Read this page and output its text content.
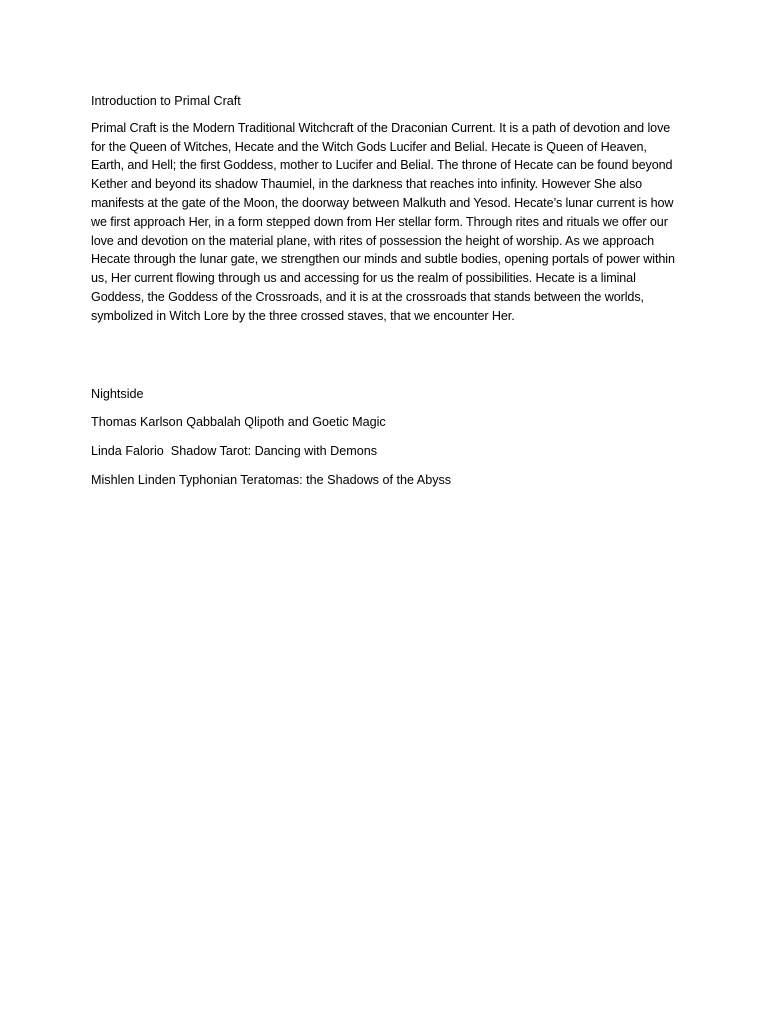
Introduction to Primal Craft

Primal Craft is the Modern Traditional Witchcraft of the Draconian Current. It is a path of devotion and love for the Queen of Witches, Hecate and the Witch Gods Lucifer and Belial. Hecate is Queen of Heaven, Earth, and Hell; the first Goddess, mother to Lucifer and Belial. The throne of Hecate can be found beyond Kether and beyond its shadow Thaumiel, in the darkness that reaches into infinity. However She also manifests at the gate of the Moon, the doorway between Malkuth and Yesod. Hecate’s lunar current is how we first approach Her, in a form stepped down from Her stellar form. Through rites and rituals we offer our love and devotion on the material plane, with rites of possession the height of worship. As we approach Hecate through the lunar gate, we strengthen our minds and subtle bodies, opening portals of power within us, Her current flowing through us and accessing for us the realm of possibilities. Hecate is a liminal Goddess, the Goddess of the Crossroads, and it is at the crossroads that stands between the worlds, symbolized in Witch Lore by the three crossed staves, that we encounter Her.

Nightside

Thomas Karlson Qabbalah Qlipoth and Goetic Magic

Linda Falorio  Shadow Tarot: Dancing with Demons

Mishlen Linden Typhonian Teratomas: the Shadows of the Abyss
